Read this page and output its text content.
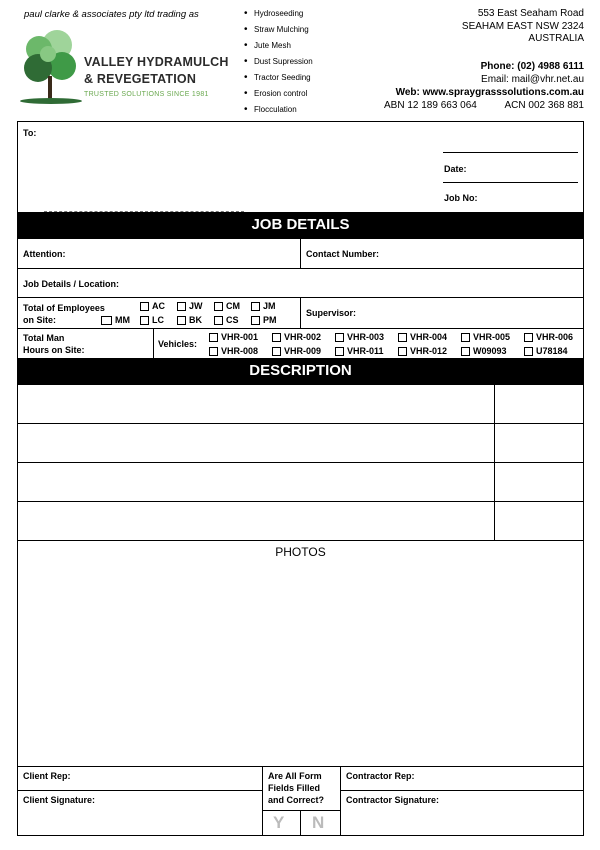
paul clarke & associates pty ltd trading as
VALLEY HYDRAMULCH
& REVEGETATION
TRUSTED SOLUTIONS SINCE 1981
• Hydroseeding
• Straw Mulching
• Jute Mesh
• Dust Supression
• Tractor Seeding
• Erosion control
• Flocculation
553 East Seaham Road
SEAHAM EAST NSW 2324
AUSTRALIA
Phone: (02) 4988 6111
Email: mail@vhr.net.au
Web: www.spraygrasssolutions.com.au
ABN 12 189 663 064	ACN 002 368 881
To:
Date:
Job No:
JOB DETAILS
Attention:	Contact Number:
Job Details / Location:
Total of Employees
on Site:
AC	JW	CM	JM
MM	LC	BK	CS	PM
Supervisor:
Total Man
Hours on Site:
Vehicles:
VHR-001	VHR-002	VHR-003	VHR-004	VHR-005	VHR-006
VHR-008	VHR-009	VHR-011	VHR-012	W09093	U78184
DESCRIPTION
PHOTOS
Client Rep:
Client Signature:
Are All Form
Fields Filled
and Correct?
Y N
Contractor Rep:
Contractor Signature:
